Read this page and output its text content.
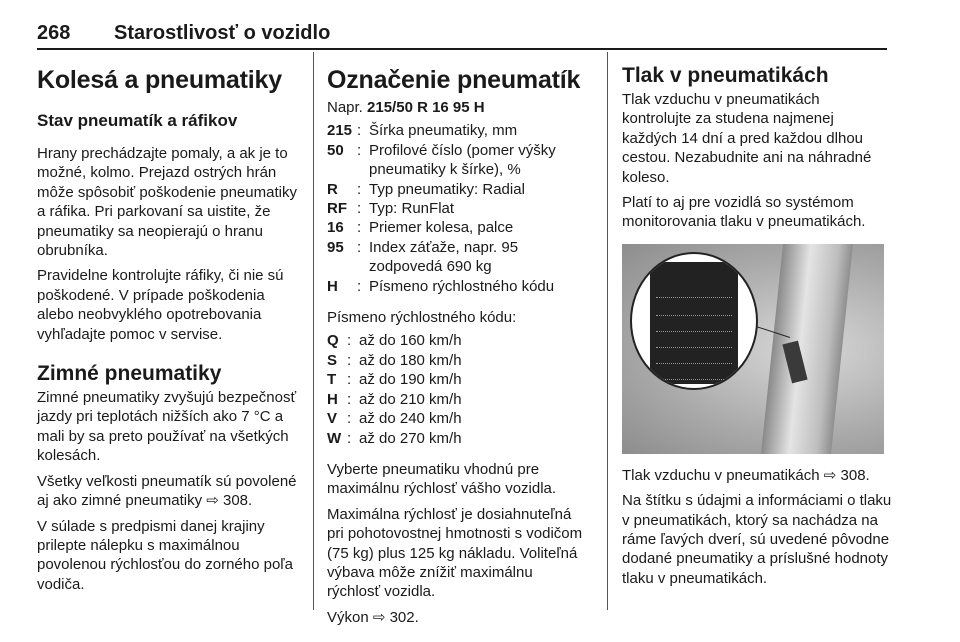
268 Starostlivosť o vozidlo
Kolesá a pneumatiky
Stav pneumatík a ráfikov

Hrany prechádzajte pomaly, a ak je to možné, kolmo. Prejazd ostrých hrán môže spôsobiť poškodenie pneumatiky a ráfika. Pri parkovaní sa uistite, že pneumatiky sa neopierajú o hranu obrubníka.

Pravidelne kontrolujte ráfiky, či nie sú poškodené. V prípade poškodenia alebo neobvyklého opotrebovania vyhľadajte pomoc v servise.

Zimné pneumatiky

Zimné pneumatiky zvyšujú bezpečnosť jazdy pri teplotách nižších ako 7 °C a mali by sa preto používať na všetkých kolesách.

Všetky veľkosti pneumatík sú povolené aj ako zimné pneumatiky ⇨ 308.

V súlade s predpismi danej krajiny prilepte nálepku s maximálnou povolenou rýchlosťou do zorného poľa vodiča.

Označenie pneumatík

Napr. 215/50 R 16 95 H

215	:	Šírka pneumatiky, mm
50	:	Profilové číslo (pomer výšky pneumatiky k šírke), %
R	:	Typ pneumatiky: Radial
RF	:	Typ: RunFlat
16	:	Priemer kolesa, palce
95	:	Index záťaže, napr. 95 zodpovedá 690 kg
H	:	Písmeno rýchlostného kódu

Písmeno rýchlostného kódu:

Q	:	až do 160 km/h
S	:	až do 180 km/h
T	:	až do 190 km/h
H	:	až do 210 km/h
V	:	až do 240 km/h
W	:	až do 270 km/h

Vyberte pneumatiku vhodnú pre maximálnu rýchlosť vášho vozidla.

Maximálna rýchlosť je dosiahnuteľná pri pohotovostnej hmotnosti s vodičom (75 kg) plus 125 kg nákladu. Voliteľná výbava môže znížiť maximálnu rýchlosť vozidla.

Výkon ⇨ 302.

Tlak v pneumatikách

Tlak vzduchu v pneumatikách kontrolujte za studena najmenej každých 14 dní a pred každou dlhou cestou. Nezabudnite ani na náhradné koleso.

Platí to aj pre vozidlá so systémom monitorovania tlaku v pneumatikách.

Tlak vzduchu v pneumatikách ⇨ 308.

Na štítku s údajmi a informáciami o tlaku v pneumatikách, ktorý sa nachádza na ráme ľavých dverí, sú uvedené pôvodne dodané pneumatiky a príslušné hodnoty tlaku v pneumatikách.
